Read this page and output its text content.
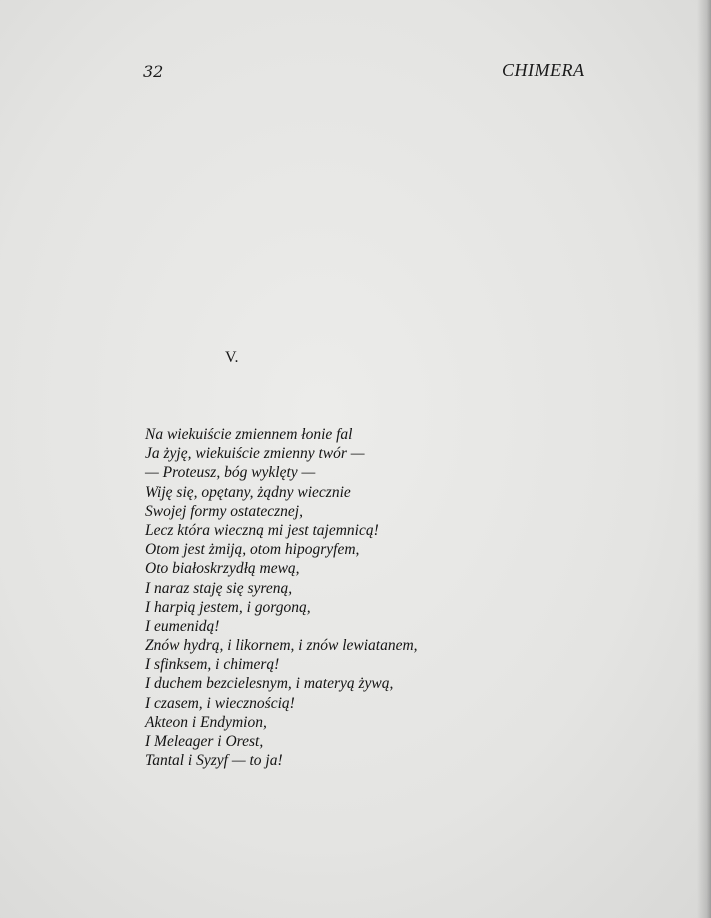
32	CHIMERA
V.
Na wiekuiście zmiennem łonie fal
Ja żyję, wiekuiście zmienny twór —
— Proteusz, bóg wyklęty —
Wiję się, opętany, żądny wiecznie
Swojej formy ostatecznej,
Lecz która wieczną mi jest tajemnicą!
Otom jest żmiją, otom hipogryfem,
Oto białoskrzydłą mewą,
I naraz staję się syreną,
I harpią jestem, i gorgoną,
I eumenidą!
Znów hydrą, i likornem, i znów lewiatanem,
I sfinksem, i chimerą!
I duchem bezcielesnym, i materyą żywą,
I czasem, i wiecznością!
Akteon i Endymion,
I Meleager i Orest,
Tantal i Syzyf — to ja!
